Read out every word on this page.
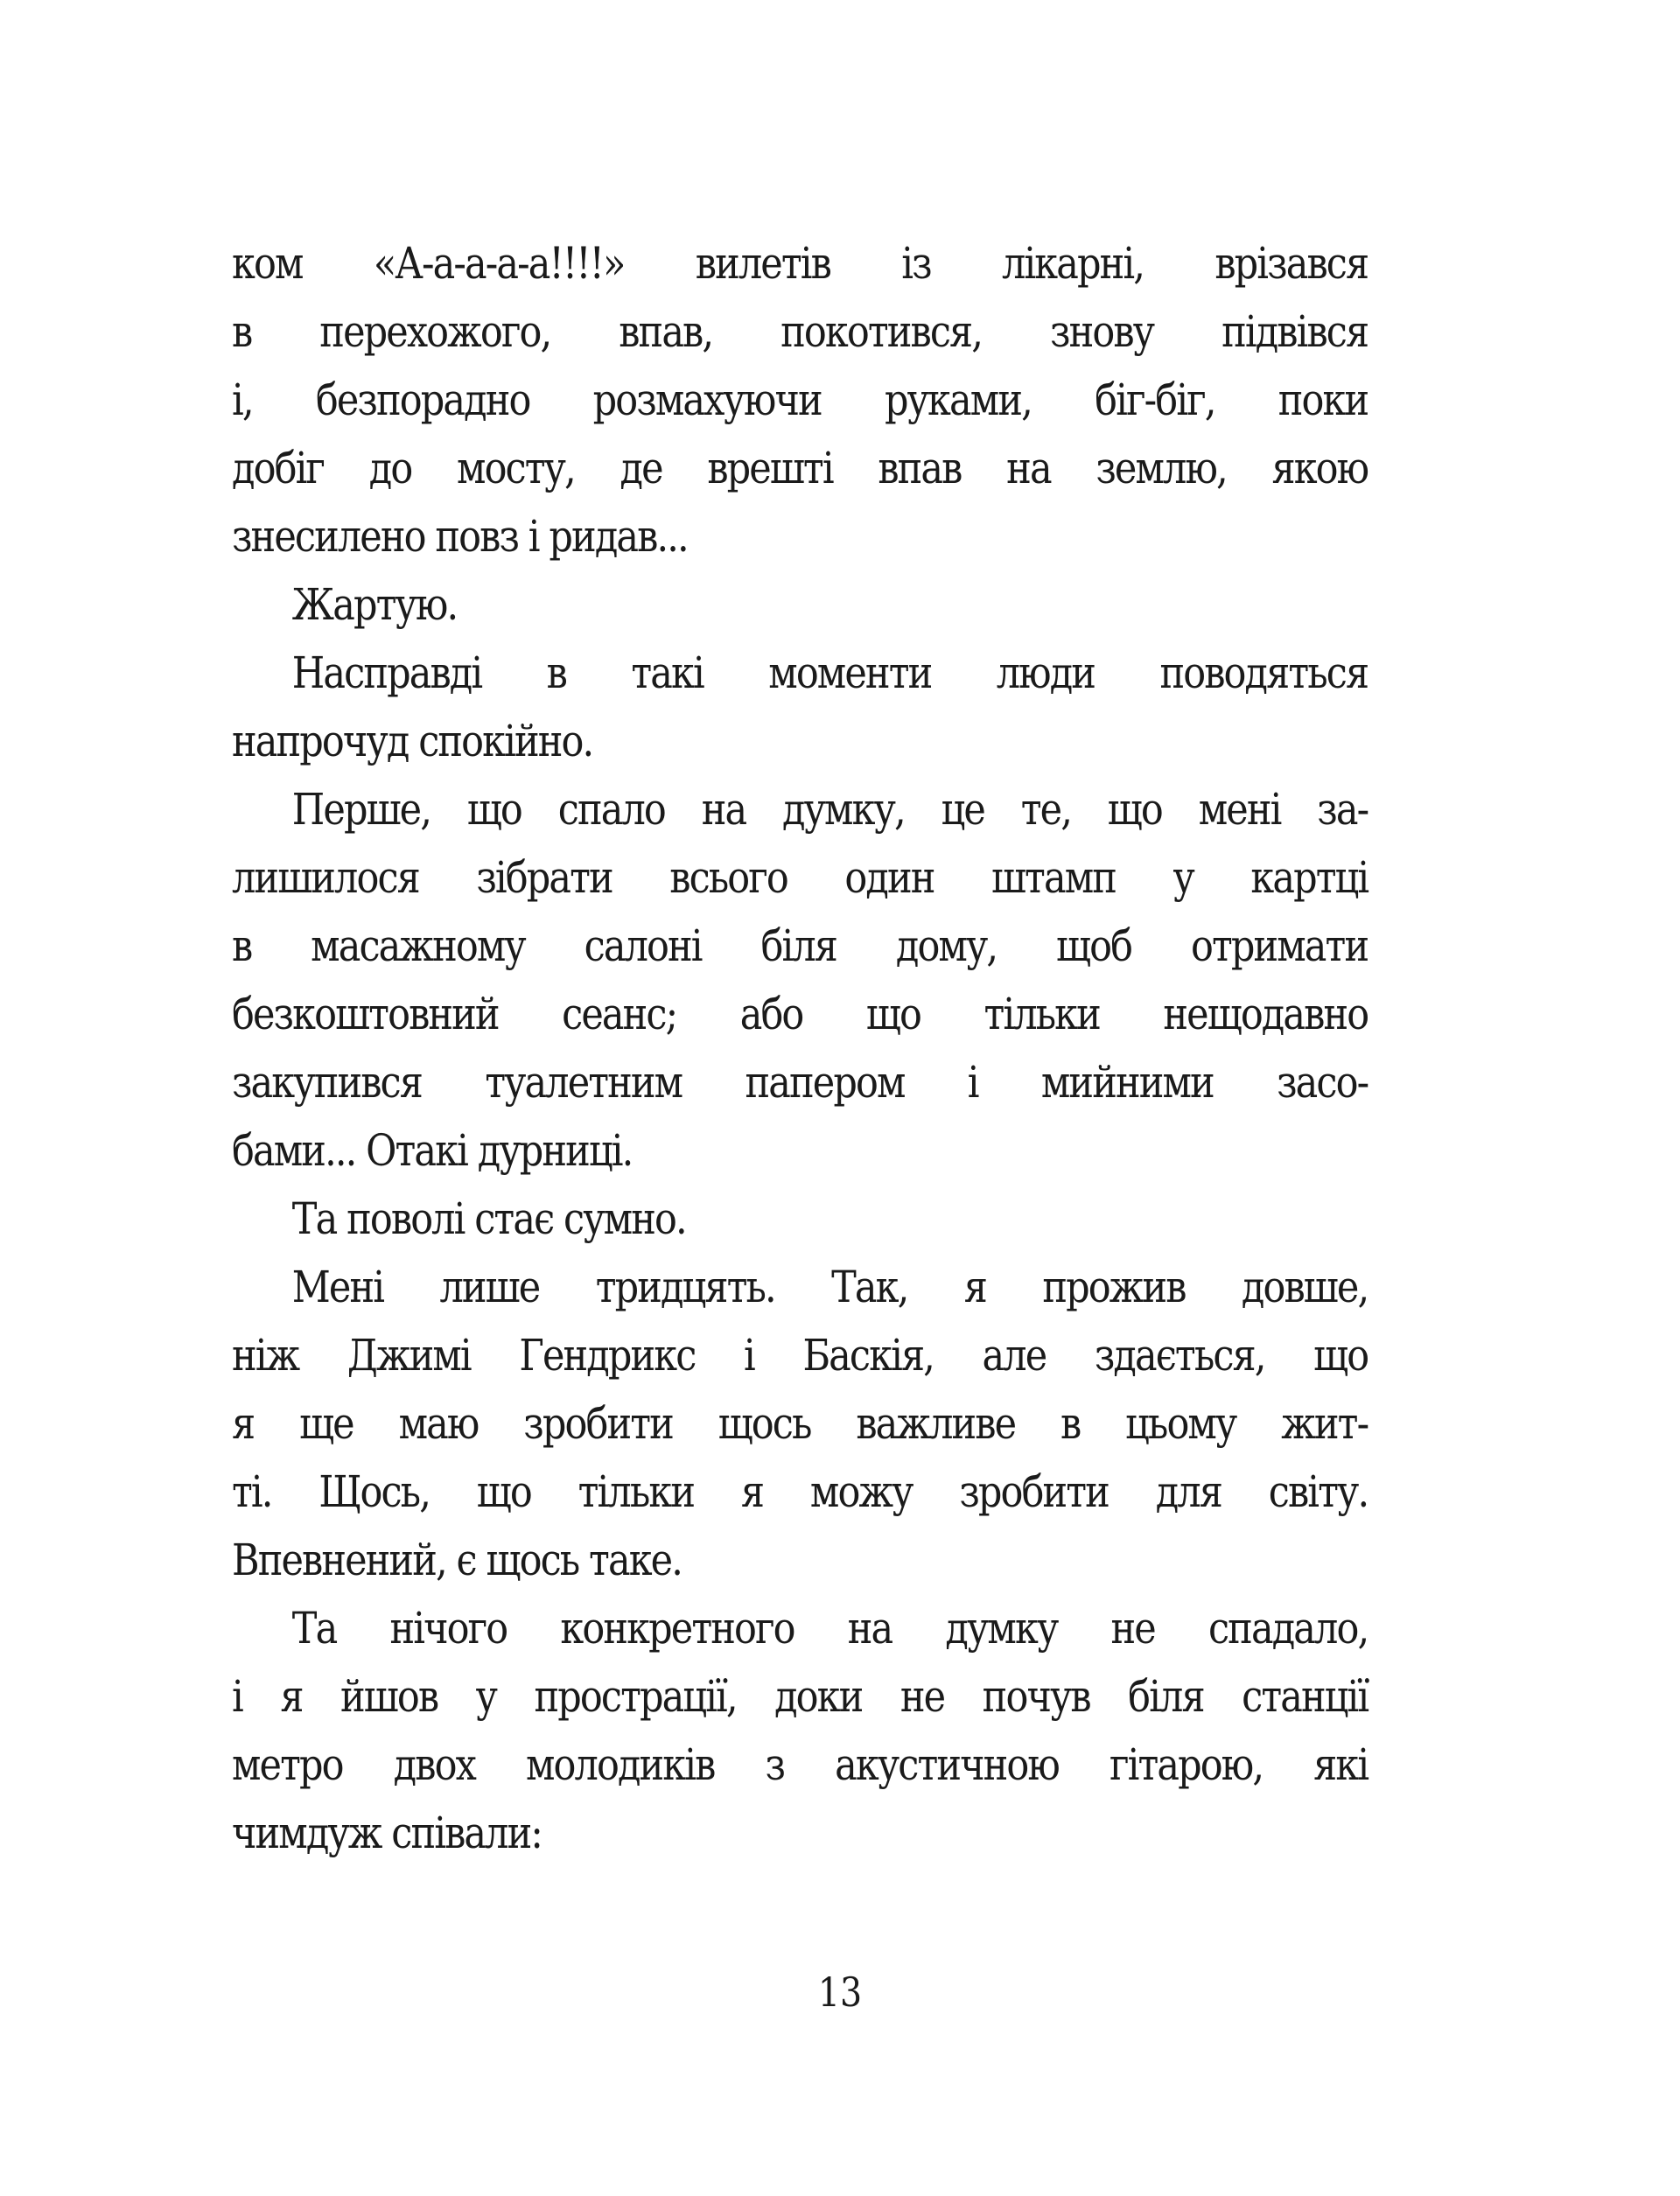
ком «А-а-а-а-а!!!!» вилетів із лікарні, врізався
в перехожого, впав, покотився, знову підвівся
і, безпорадно розмахуючи руками, біг-біг, поки
добіг до мосту, де врешті впав на землю, якою
знесилено повз і ридав...
Жартую.
Насправді в такі моменти люди поводяться
напрочуд спокійно.
Перше, що спало на думку, це те, що мені за-
лишилося зібрати всього один штамп у картці
в масажному салоні біля дому, щоб отримати
безкоштовний сеанс; або що тільки нещодавно
закупився туалетним папером і мийними засо-
бами... Отакі дурниці.
Та поволі стає сумно.
Мені лише тридцять. Так, я прожив довше,
ніж Джимі Гендрикс і Баскія, але здається, що
я ще маю зробити щось важливе в цьому жит-
ті. Щось, що тільки я можу зробити для світу.
Впевнений, є щось таке.
Та нічого конкретного на думку не спадало,
і я йшов у прострації, доки не почув біля станції
метро двох молодиків з акустичною гітарою, які
чимдуж співали:
13
